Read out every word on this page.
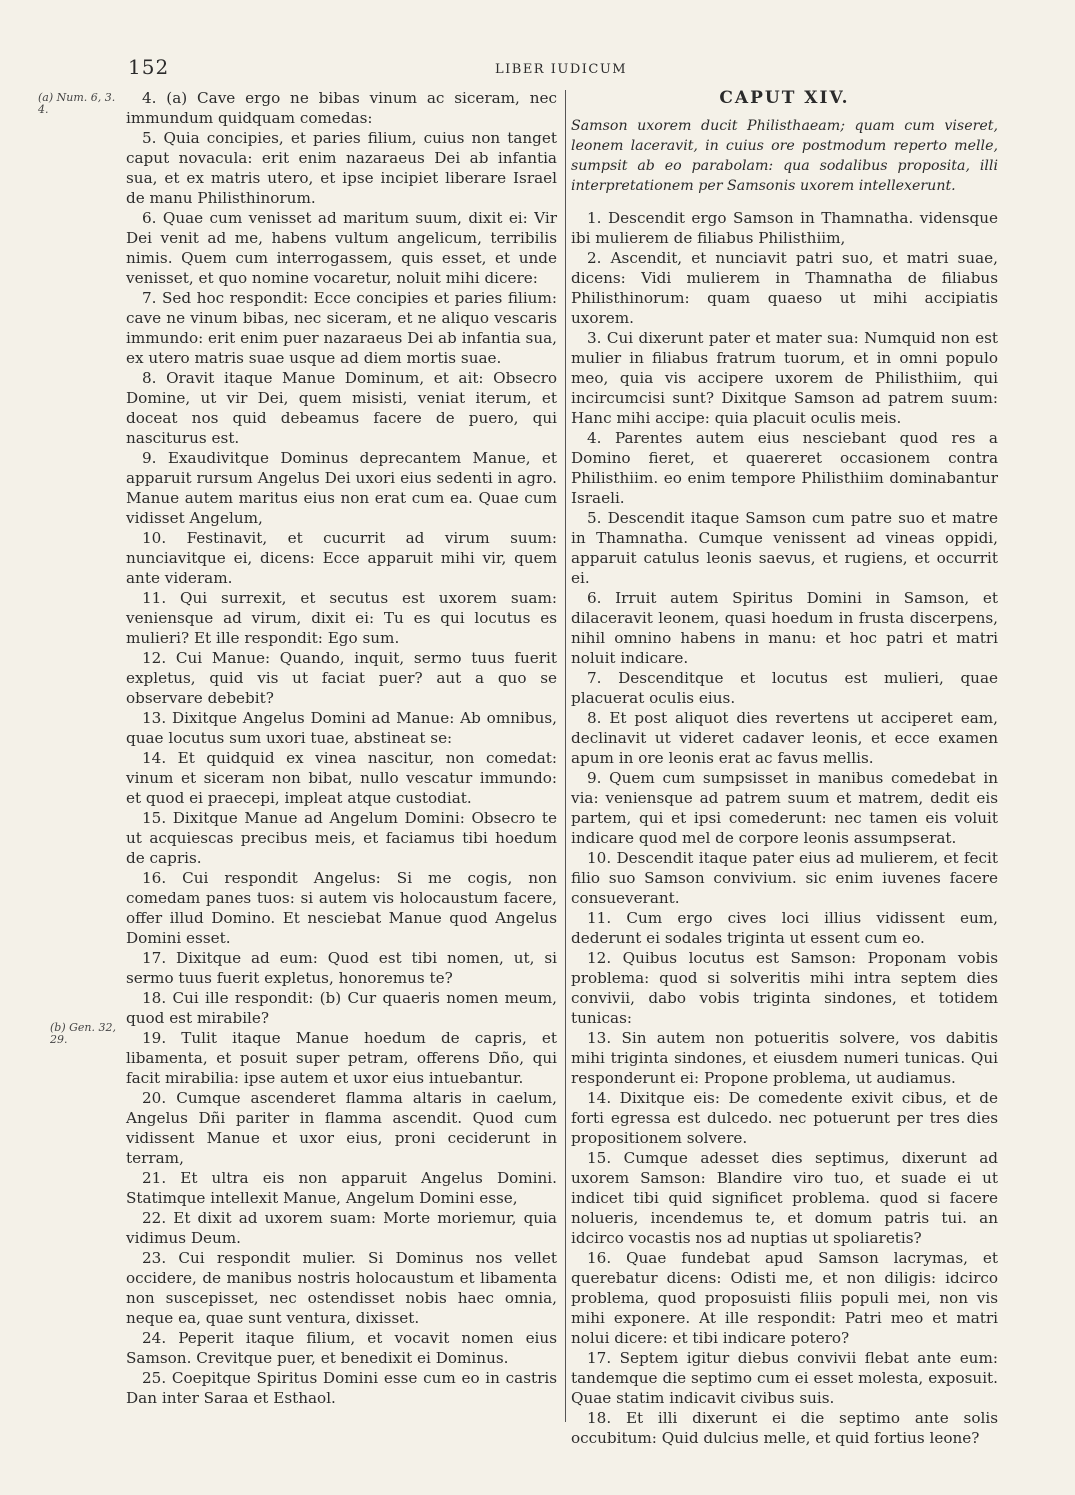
152	LIBER IUDICUM
(a) Num. 6, 3. 4.
(b) Gen. 32, 29.

4. (a) Cave ergo ne bibas vinum ac siceram, nec immundum quidquam comedas:

5. Quia concipies, et paries filium, cuius non tanget caput novacula: erit enim nazaraeus Dei ab infantia sua, et ex matris utero, et ipse incipiet liberare Israel de manu Philisthinorum.

6. Quae cum venisset ad maritum suum, dixit ei: Vir Dei venit ad me, habens vultum angelicum, terribilis nimis. Quem cum interrogassem, quis esset, et unde venisset, et quo nomine vocaretur, noluit mihi dicere:

7. Sed hoc respondit: Ecce concipies et paries filium: cave ne vinum bibas, nec siceram, et ne aliquo vescaris immundo: erit enim puer nazaraeus Dei ab infantia sua, ex utero matris suae usque ad diem mortis suae.

8. Oravit itaque Manue Dominum, et ait: Obsecro Domine, ut vir Dei, quem misisti, veniat iterum, et doceat nos quid debeamus facere de puero, qui nasciturus est.

9. Exaudivitque Dominus deprecantem Manue, et apparuit rursum Angelus Dei uxori eius sedenti in agro. Manue autem maritus eius non erat cum ea. Quae cum vidisset Angelum,

10. Festinavit, et cucurrit ad virum suum: nunciavitque ei, dicens: Ecce apparuit mihi vir, quem ante videram.

11. Qui surrexit, et secutus est uxorem suam: veniensque ad virum, dixit ei: Tu es qui locutus es mulieri? Et ille respondit: Ego sum.

12. Cui Manue: Quando, inquit, sermo tuus fuerit expletus, quid vis ut faciat puer? aut a quo se observare debebit?

13. Dixitque Angelus Domini ad Manue: Ab omnibus, quae locutus sum uxori tuae, abstineat se:

14. Et quidquid ex vinea nascitur, non comedat: vinum et siceram non bibat, nullo vescatur immundo: et quod ei praecepi, impleat atque custodiat.

15. Dixitque Manue ad Angelum Domini: Obsecro te ut acquiescas precibus meis, et faciamus tibi hoedum de capris.

16. Cui respondit Angelus: Si me cogis, non comedam panes tuos: si autem vis holocaustum facere, offer illud Domino. Et nesciebat Manue quod Angelus Domini esset.

17. Dixitque ad eum: Quod est tibi nomen, ut, si sermo tuus fuerit expletus, honoremus te?

18. Cui ille respondit: (b) Cur quaeris nomen meum, quod est mirabile?

19. Tulit itaque Manue hoedum de capris, et libamenta, et posuit super petram, offerens Dño, qui facit mirabilia: ipse autem et uxor eius intuebantur.

20. Cumque ascenderet flamma altaris in caelum, Angelus Dñi pariter in flamma ascendit. Quod cum vidissent Manue et uxor eius, proni ceciderunt in terram,

21. Et ultra eis non apparuit Angelus Domini. Statimque intellexit Manue, Angelum Domini esse,

22. Et dixit ad uxorem suam: Morte moriemur, quia vidimus Deum.

23. Cui respondit mulier. Si Dominus nos vellet occidere, de manibus nostris holocaustum et libamenta non suscepisset, nec ostendisset nobis haec omnia, neque ea, quae sunt ventura, dixisset.

24. Peperit itaque filium, et vocavit nomen eius Samson. Crevitque puer, et benedixit ei Dominus.

25. Coepitque Spiritus Domini esse cum eo in castris Dan inter Saraa et Esthaol.

CAPUT XIV.
Samson uxorem ducit Philisthaeam; quam cum viseret, leonem laceravit, in cuius ore postmodum reperto melle, sumpsit ab eo parabolam: qua sodalibus proposita, illi interpretationem per Samsonis uxorem intellexerunt.

1. Descendit ergo Samson in Thamnatha. vidensque ibi mulierem de filiabus Philisthiim,

2. Ascendit, et nunciavit patri suo, et matri suae, dicens: Vidi mulierem in Thamnatha de filiabus Philisthinorum: quam quaeso ut mihi accipiatis uxorem.

3. Cui dixerunt pater et mater sua: Numquid non est mulier in filiabus fratrum tuorum, et in omni populo meo, quia vis accipere uxorem de Philisthiim, qui incircumcisi sunt? Dixitque Samson ad patrem suum: Hanc mihi accipe: quia placuit oculis meis.

4. Parentes autem eius nesciebant quod res a Domino fieret, et quaereret occasionem contra Philisthiim. eo enim tempore Philisthiim dominabantur Israeli.

5. Descendit itaque Samson cum patre suo et matre in Thamnatha. Cumque venissent ad vineas oppidi, apparuit catulus leonis saevus, et rugiens, et occurrit ei.

6. Irruit autem Spiritus Domini in Samson, et dilaceravit leonem, quasi hoedum in frusta discerpens, nihil omnino habens in manu: et hoc patri et matri noluit indicare.

7. Descenditque et locutus est mulieri, quae placuerat oculis eius.

8. Et post aliquot dies revertens ut acciperet eam, declinavit ut videret cadaver leonis, et ecce examen apum in ore leonis erat ac favus mellis.

9. Quem cum sumpsisset in manibus comedebat in via: veniensque ad patrem suum et matrem, dedit eis partem, qui et ipsi comederunt: nec tamen eis voluit indicare quod mel de corpore leonis assumpserat.

10. Descendit itaque pater eius ad mulierem, et fecit filio suo Samson convivium. sic enim iuvenes facere consueverant.

11. Cum ergo cives loci illius vidissent eum, dederunt ei sodales triginta ut essent cum eo.

12. Quibus locutus est Samson: Proponam vobis problema: quod si solveritis mihi intra septem dies convivii, dabo vobis triginta sindones, et totidem tunicas:

13. Sin autem non potueritis solvere, vos dabitis mihi triginta sindones, et eiusdem numeri tunicas. Qui responderunt ei: Propone problema, ut audiamus.

14. Dixitque eis: De comedente exivit cibus, et de forti egressa est dulcedo. nec potuerunt per tres dies propositionem solvere.

15. Cumque adesset dies septimus, dixerunt ad uxorem Samson: Blandire viro tuo, et suade ei ut indicet tibi quid significet problema. quod si facere nolueris, incendemus te, et domum patris tui. an idcirco vocastis nos ad nuptias ut spoliaretis?

16. Quae fundebat apud Samson lacrymas, et querebatur dicens: Odisti me, et non diligis: idcirco problema, quod proposuisti filiis populi mei, non vis mihi exponere. At ille respondit: Patri meo et matri nolui dicere: et tibi indicare potero?

17. Septem igitur diebus convivii flebat ante eum: tandemque die septimo cum ei esset molesta, exposuit. Quae statim indicavit civibus suis.

18. Et illi dixerunt ei die septimo ante solis occubitum: Quid dulcius melle, et quid fortius leone?
